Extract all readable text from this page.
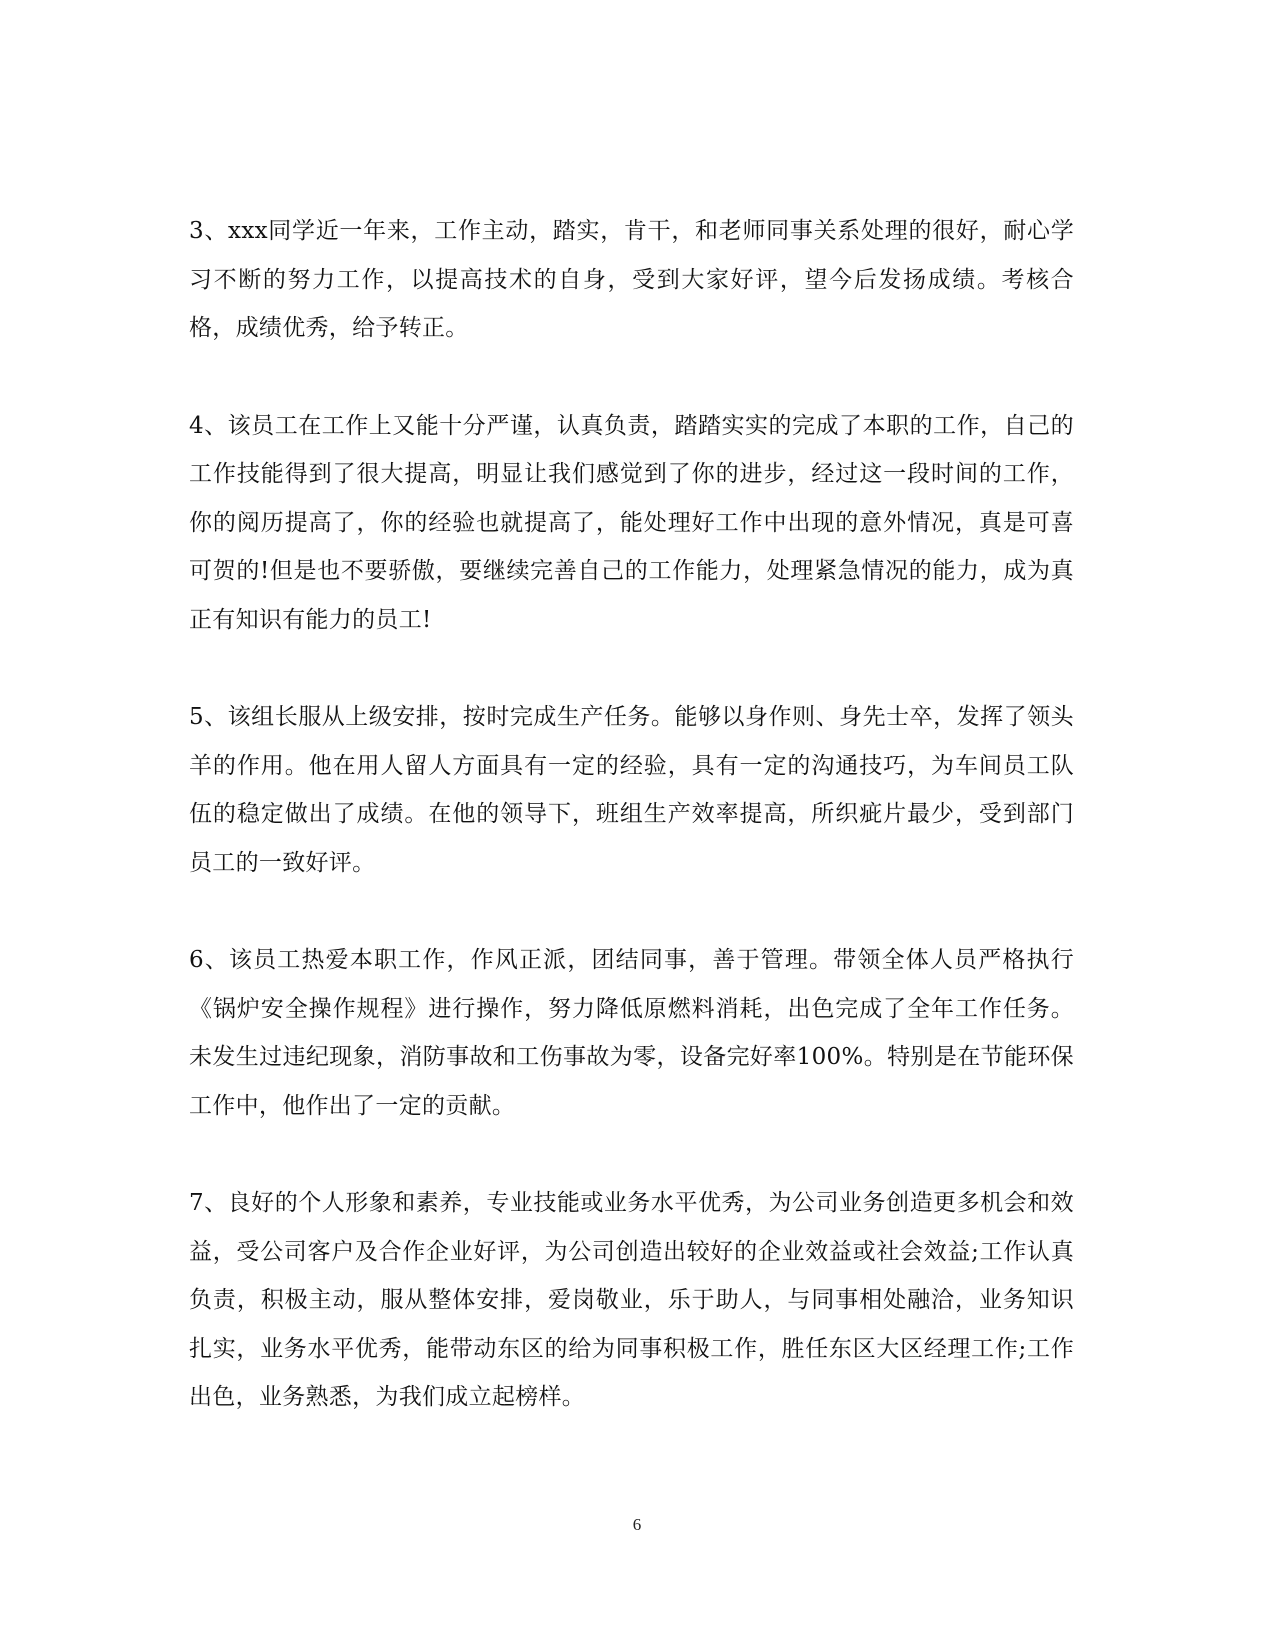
3、xxx同学近一年来，工作主动，踏实，肯干，和老师同事关系处理的很好，耐心学习不断的努力工作，以提高技术的自身，受到大家好评，望今后发扬成绩。考核合格，成绩优秀，给予转正。

4、该员工在工作上又能十分严谨，认真负责，踏踏实实的完成了本职的工作，自己的工作技能得到了很大提高，明显让我们感觉到了你的进步，经过这一段时间的工作，你的阅历提高了，你的经验也就提高了，能处理好工作中出现的意外情况，真是可喜可贺的!但是也不要骄傲，要继续完善自己的工作能力，处理紧急情况的能力，成为真正有知识有能力的员工!

5、该组长服从上级安排，按时完成生产任务。能够以身作则、身先士卒，发挥了领头羊的作用。他在用人留人方面具有一定的经验，具有一定的沟通技巧，为车间员工队伍的稳定做出了成绩。在他的领导下，班组生产效率提高，所织疵片最少，受到部门员工的一致好评。

6、该员工热爱本职工作，作风正派，团结同事，善于管理。带领全体人员严格执行《锅炉安全操作规程》进行操作，努力降低原燃料消耗，出色完成了全年工作任务。未发生过违纪现象，消防事故和工伤事故为零，设备完好率100%。特别是在节能环保工作中，他作出了一定的贡献。

7、良好的个人形象和素养，专业技能或业务水平优秀，为公司业务创造更多机会和效益，受公司客户及合作企业好评，为公司创造出较好的企业效益或社会效益;工作认真负责，积极主动，服从整体安排，爱岗敬业，乐于助人，与同事相处融洽，业务知识扎实，业务水平优秀，能带动东区的给为同事积极工作，胜任东区大区经理工作;工作出色，业务熟悉，为我们成立起榜样。

6
